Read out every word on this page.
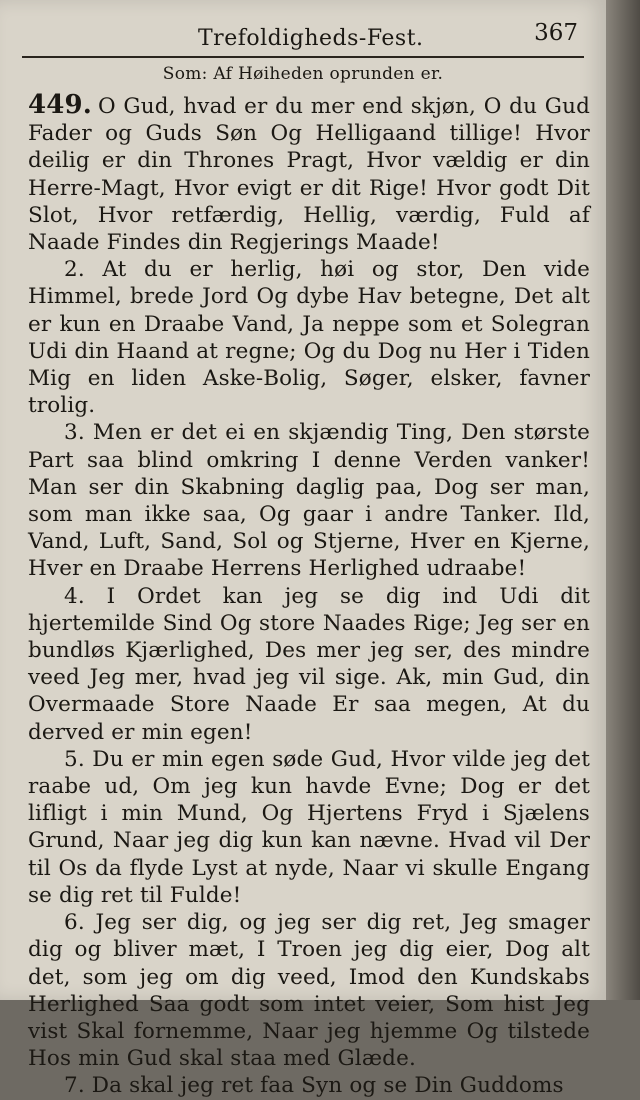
Trefoldigheds-Fest.	367
Som: Af Høiheden oprunden er.

449. O Gud, hvad er du mer end skjøn, O du Gud Fader og Guds Søn Og Helligaand tillige! Hvor deilig er din Thrones Pragt, Hvor vældig er din Herre-Magt, Hvor evigt er dit Rige! Hvor godt Dit Slot, Hvor retfærdig, Hellig, værdig, Fuld af Naade Findes din Regjerings Maade!

2. At du er herlig, høi og stor, Den vide Himmel, brede Jord Og dybe Hav betegne, Det alt er kun en Draabe Vand, Ja neppe som et Solegran Udi din Haand at regne; Og du Dog nu Her i Tiden Mig en liden Aske-Bolig, Søger, elsker, favner trolig.

3. Men er det ei en skjændig Ting, Den største Part saa blind omkring I denne Verden vanker! Man ser din Skabning daglig paa, Dog ser man, som man ikke saa, Og gaar i andre Tanker. Ild, Vand, Luft, Sand, Sol og Stjerne, Hver en Kjerne, Hver en Draabe Herrens Herlighed udraabe!

4. I Ordet kan jeg se dig ind Udi dit hjertemilde Sind Og store Naades Rige; Jeg ser en bundløs Kjærlighed, Des mer jeg ser, des mindre veed Jeg mer, hvad jeg vil sige. Ak, min Gud, din Overmaade Store Naade Er saa megen, At du derved er min egen!

5. Du er min egen søde Gud, Hvor vilde jeg det raabe ud, Om jeg kun havde Evne; Dog er det lifligt i min Mund, Og Hjertens Fryd i Sjælens Grund, Naar jeg dig kun kan nævne. Hvad vil Der til Os da flyde Lyst at nyde, Naar vi skulle Engang se dig ret til Fulde!

6. Jeg ser dig, og jeg ser dig ret, Jeg smager dig og bliver mæt, I Troen jeg dig eier, Dog alt det, som jeg om dig veed, Imod den Kundskabs Herlighed Saa godt som intet veier, Som hist Jeg vist Skal fornemme, Naar jeg hjemme Og tilstede Hos min Gud skal staa med Glæde.

7. Da skal jeg ret faa Syn og se Din Guddoms
